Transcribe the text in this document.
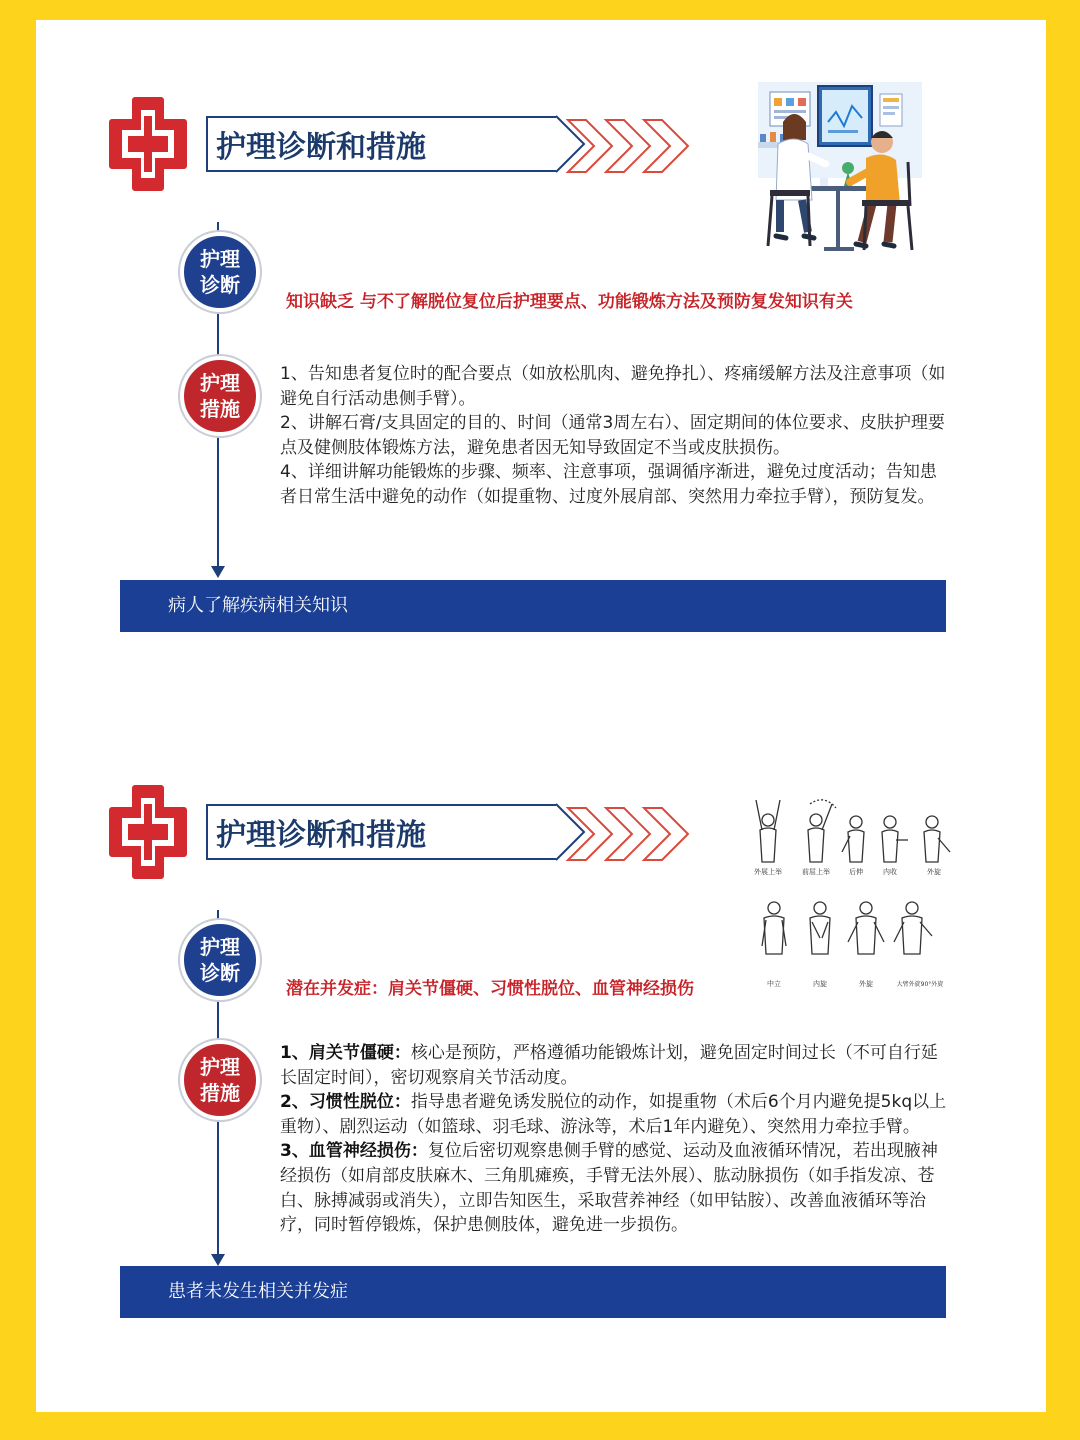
护理诊断和措施
护理
诊断
知识缺乏 与不了解脱位复位后护理要点、功能锻炼方法及预防复发知识有关
护理
措施

1、告知患者复位时的配合要点（如放松肌肉、避免挣扎）、疼痛缓解方法及注意事项（如避免自行活动患侧手臂）。

2、讲解石膏/支具固定的目的、时间（通常3周左右）、固定期间的体位要求、皮肤护理要点及健侧肢体锻炼方法，避免患者因无知导致固定不当或皮肤损伤。

4、详细讲解功能锻炼的步骤、频率、注意事项，强调循序渐进，避免过度活动；告知患者日常生活中避免的动作（如提重物、过度外展肩部、突然用力牵拉手臂），预防复发。

病人了解疾病相关知识
护理诊断和措施
外展上举	前屈上举	后伸	内收	外旋
中立	内旋	外旋	大臂外旋90°外旋
护理
诊断
潜在并发症：肩关节僵硬、习惯性脱位、血管神经损伤
护理
措施

1、肩关节僵硬：核心是预防，严格遵循功能锻炼计划，避免固定时间过长（不可自行延长固定时间），密切观察肩关节活动度。

2、习惯性脱位：指导患者避免诱发脱位的动作，如提重物（术后6个月内避免提5kq以上重物）、剧烈运动（如篮球、羽毛球、游泳等，术后1年内避免）、突然用力牵拉手臂。

3、血管神经损伤：复位后密切观察患侧手臂的感觉、运动及血液循环情况，若出现腋神经损伤（如肩部皮肤麻木、三角肌瘫痪，手臂无法外展）、肱动脉损伤（如手指发凉、苍白、脉搏减弱或消失），立即告知医生，采取营养神经（如甲钴胺）、改善血液循环等治疗，同时暂停锻炼，保护患侧肢体，避免进一步损伤。

患者未发生相关并发症
